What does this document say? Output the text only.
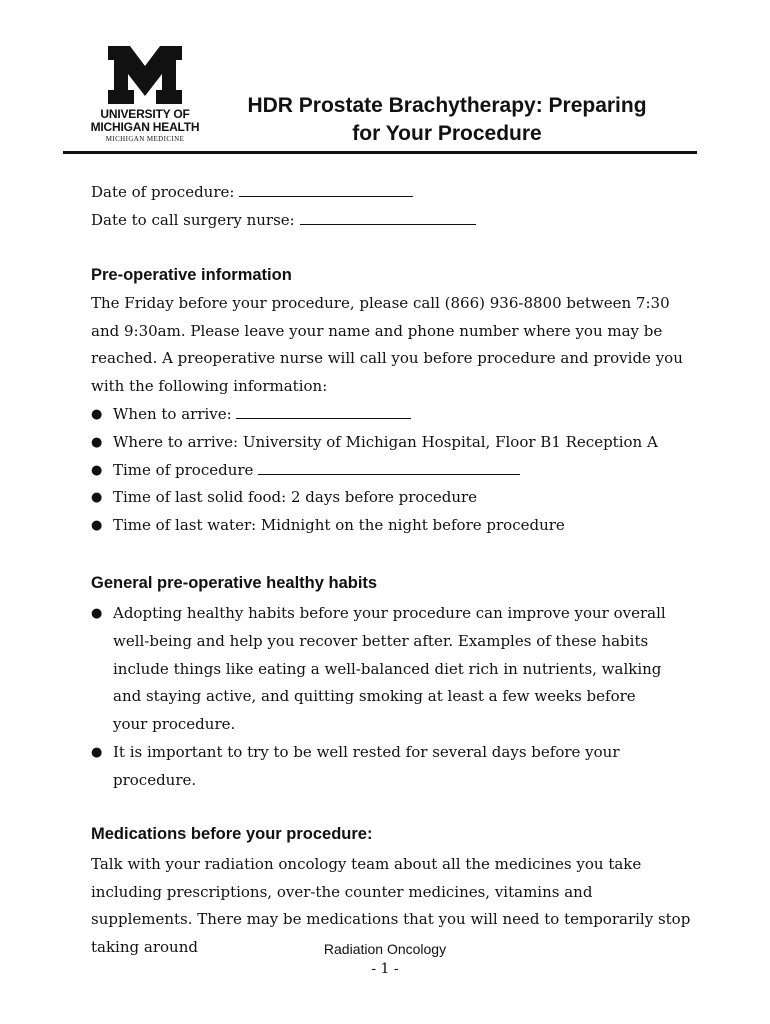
UNIVERSITY OF
MICHIGAN HEALTH
MICHIGAN MEDICINE
HDR Prostate Brachytherapy: Preparing
for Your Procedure
Date of procedure:
Date to call surgery nurse:
Pre-operative information
The Friday before your procedure, please call (866) 936-8800 between 7:30 and 9:30am. Please leave your name and phone number where you may be reached. A preoperative nurse will call you before procedure and provide you with the following information:
● When to arrive:
● Where to arrive: University of Michigan Hospital, Floor B1 Reception A
● Time of procedure
● Time of last solid food: 2 days before procedure
● Time of last water: Midnight on the night before procedure
General pre-operative healthy habits
● Adopting healthy habits before your procedure can improve your overall well-being and help you recover better after. Examples of these habits include things like eating a well-balanced diet rich in nutrients, walking and staying active, and quitting smoking at least a few weeks before your procedure.
● It is important to try to be well rested for several days before your procedure.
Medications before your procedure:
Talk with your radiation oncology team about all the medicines you take including prescriptions, over-the counter medicines, vitamins and supplements. There may be medications that you will need to temporarily stop taking around	Radiation Oncology
- 1 -
